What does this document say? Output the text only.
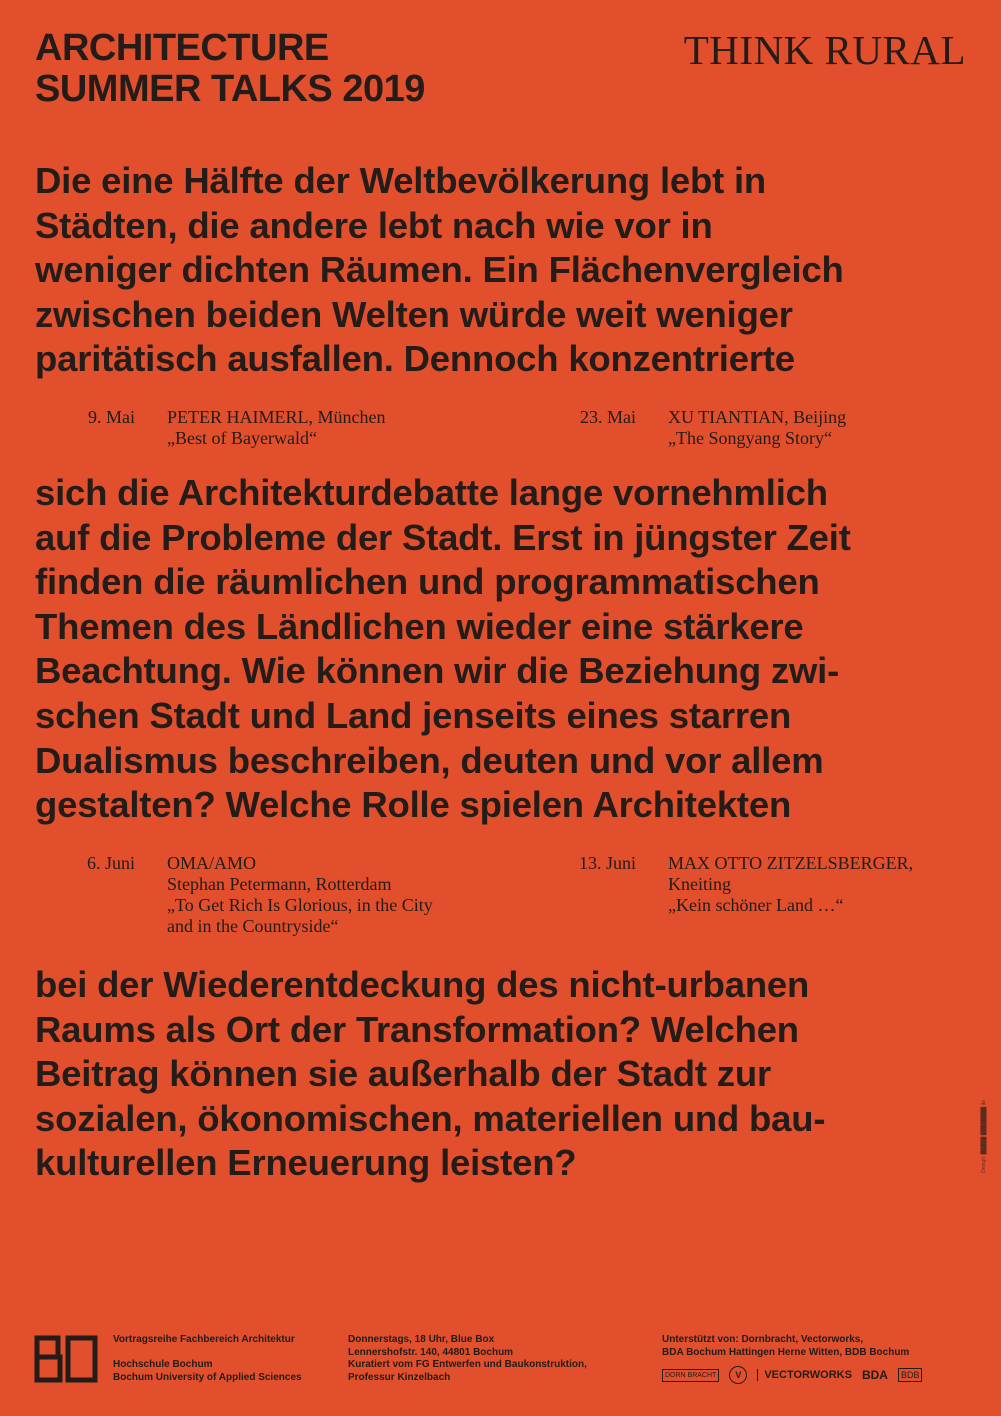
ARCHITECTURE
SUMMER TALKS 2019
THINK RURAL
Die eine Hälfte der Weltbevölkerung lebt in
Städten, die andere lebt nach wie vor in
weniger dichten Räumen. Ein Flächenvergleich
zwischen beiden Welten würde weit weniger
paritätisch ausfallen. Dennoch konzentrierte
9. Mai PETER HAIMERL, München
„Best of Bayerwald“
23. Mai XU TIANTIAN, Beijing
„The Songyang Story“
sich die Architekturdebatte lange vornehmlich
auf die Probleme der Stadt. Erst in jüngster Zeit
finden die räumlichen und programmatischen
Themen des Ländlichen wieder eine stärkere
Beachtung. Wie können wir die Beziehung zwi-
schen Stadt und Land jenseits eines starren
Dualismus beschreiben, deuten und vor allem
gestalten? Welche Rolle spielen Architekten
6. Juni OMA/AMO
Stephan Petermann, Rotterdam
„To Get Rich Is Glorious, in the City
and in the Countryside“
13. Juni MAX OTTO ZITZELSBERGER,
Kneiting
„Kein schöner Land …“
bei der Wiederentdeckung des nicht-urbanen
Raums als Ort der Transformation? Welchen
Beitrag können sie außerhalb der Stadt zur
sozialen, ökonomischen, materiellen und bau-
kulturellen Erneuerung leisten?	Design: █████ ████████.de
Vortragsreihe Fachbereich Architektur

Hochschule Bochum
Bochum University of Applied Sciences
Donnerstags, 18 Uhr, Blue Box
Lennershofstr. 140, 44801 Bochum
Kuratiert vom FG Entwerfen und Baukonstruktion,
Professur Kinzelbach
Unterstützt von: Dornbracht, Vectorworks,
BDA Bochum Hattingen Herne Witten, BDB Bochum
DORN BRACHT	V	VECTORWORKS BDA	BDB
